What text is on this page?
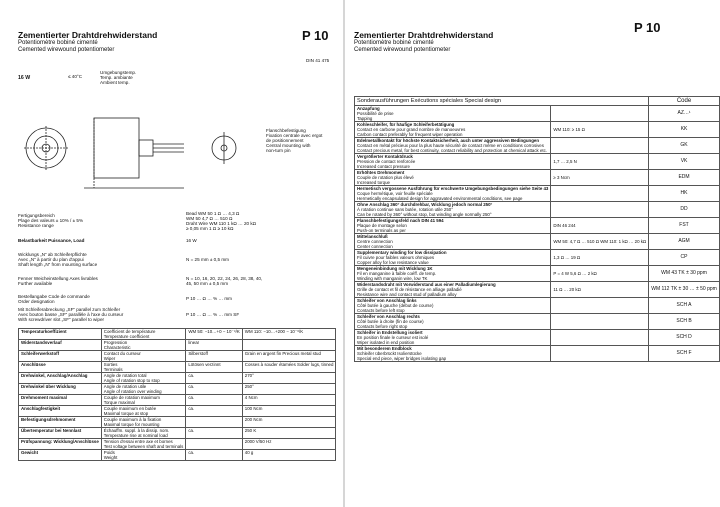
Zementierter Drahtdrehwiderstand	P 10
Potentiomètre bobiné cimenté
Cemented wirewound potentiometer
DIN 41 475
16 W	≤ 40°C
Umgebungstemp.
Temp. ambiante
Ambient temp.
Flanschbefestigung
Fixation centrale avec ergot
de positionnement
Central mounting with
non-turn pin
Fertigungsbereich
Plage des valeurs ± 10% / ± 5%
Resistance range
Bead WM 50 1 Ω … 4,3 Ω
WM 50 4,7 Ω … 510 Ω
Draht Wire WM 110 1 kΩ … 20 kΩ
≥ 0,05 mm 1 Ω ≥ 10 kΩ
Belastbarkeit Puissance, Load	16 W
Wicklungs „N“ ab Schleiferpflichte
Avec „N“ à partir du plan d'appui
Shaft length „N“ from mounting surface
N = 25 mm ± 0,5 mm
Fenner Weicheinstellung Axes livrables
Further available
N = 10, 16, 20, 22, 24, 26, 28, 38, 40,
45, 50 mm ± 0,5 mm
Bestellangabe Code de commande
Order designation
P 10 … Ω … % … mm
Mit Schleiferabreckung „SF“ parallel zum Schleifer
Avec bouton basse „SF“ parallèle à l'axe du curseur
With screwdriver slot „SF“ parallel to wiper
P 10 … Ω … % … mm SF
Temperaturkoeffizient	Coefficient de température
Temperature coefficient	WM 50: −10…+0 − 10⁻⁴/K	WM 110: −10…+200 − 10⁻⁶/K
Widerstandsverlauf	Progression
Characteristic	linear	
Schleiferwerkstoff	Contact du curseur
Wiper	Silberstoff	Grain en argent fin Precious metal stud
Anschlüsse	Sorties
Terminals	Lötösen verzinnt	Cosses à souder étamées Solder lugs, tinned
Drehwinkel, Anschlag/Anschlag	Angle de rotation total
Angle of rotation stop to stop	ca.	270°
Drehwinkel über Wicklung	Angle de rotation utile
Angle of rotation over winding	ca.	250°
Drehmoment maximal	Couple de rotation maximum
Torque maximal	ca.	4 Ncm
Anschlagfestigkeit	Couple maximum en butée
Maximal torque at stop	ca.	100 Ncm
Befestigungsdrehmoment	Couple maximum à la fixation
Maximal torque for mounting		200 Ncm
Übertemperatur bei Nennlast	Échauffm. suppl. à la dissip. nom.
Temperature rise at nominal load	ca.	250 K
Prüfspannung: Wicklung/Anschlüsse	Tension d'essai entre axe et bornes
Test voltage between shaft and terminals		2000 V/50 Hz
Gewicht	Poids
Weight	ca.	40 g
Zementierter Drahtdrehwiderstand	P 10
Potentiomètre bobiné cimenté
Cemented wirewound potentiometer
Sonderausführungen Exécutions spéciales Special design		Code

Anzapfung
Possibilité de prise
Tapping		AZ…¹

Kohleschleifer, für häufige Schleiferbetätigung
Contact en carbone pour grand nombre de manoeuvres
Carbon contact preferably for frequent wiper operation	WM 110: ≥ 15 Ω	KK

Edelmetallkontakt für höchste Kontaktsicherheit, auch unter aggressiven Bedingungen
Contact en métal précieux pour la plus haute sécurité de contact même en conditions corrosives
Contact precious metal, for best continuity, contact reliability and protection at chemical attack etc.		GK

Vergrößerter Kontaktdruck
Pression de contact renforcée
Increased contact pressure	1,7 … 2,5 N	VK

Erhöhtes Drehmoment
Couple de rotation plus élevé
Increased torque	≥ 3 Ncm	EDM

Hermetisch vergossene Ausführung für erschwerte Umgebungsbedingungen siehe Seite 43
Coque hermétique, voir feuille spéciale
Hermetically encapsulated design for aggravated environmental conditions, see page		HK

Ohne Anschlag 360° durchdrehbar, Wicklung jedoch normal 250°
À rotation continue sans butée, rotation utile 250°
Can be rotated by 360° without stop, but winding angle normally 250°		DD

Flanschbefestigungsfeld nach DIN 41 594
Plaque de montage selon
Push-on terminals as per	DIN 46 244	FST

Mittelanschluß
Centre connection
Center connection	WM 50: 4,7 Ω … 510 Ω WM 110: 1 kΩ … 20 kΩ	AGM

Supplementary winding for low dissipation
Fil cuivre pour faibles valeurs ohmiques
Copper alloy for low resistance value	1,3 Ω … 19 Ω	CP

Mengeneinbindung mit Wicklung 1K
Fil en manganine à faible coéff. de temp.
Winding with manganin wire, low TK	P = 4 W 5,6 Ω … 2 kΩ	WM 43 TK ± 30 ppm

Widerstandsdraht mit Vorwiderstand aus einer Palladiumlegierung
Grille de contact et fil de résistance en alliage palladié
Resistance wire and contact stud of palladium alloy	11 Ω … 20 kΩ	WM 112 TK ± 30 … ± 50 ppm

Schleifer von Anschlag links
Côté butée à gauche (début de course)
Contacts before left stop		SCH A

Schleifer von Anschlag rechts
Côté butée à droite (fin de course)
Contacts before right stop		SCH B

Schleifer in Endstellung isoliert
En position finale le curseur est isolé
Wiper isolated in end position		SCH D

Mit besonderem Endblock
Schleifer überbrückt Isolierstücke
Special end piece, wiper bridges isolating gap		SCH F
